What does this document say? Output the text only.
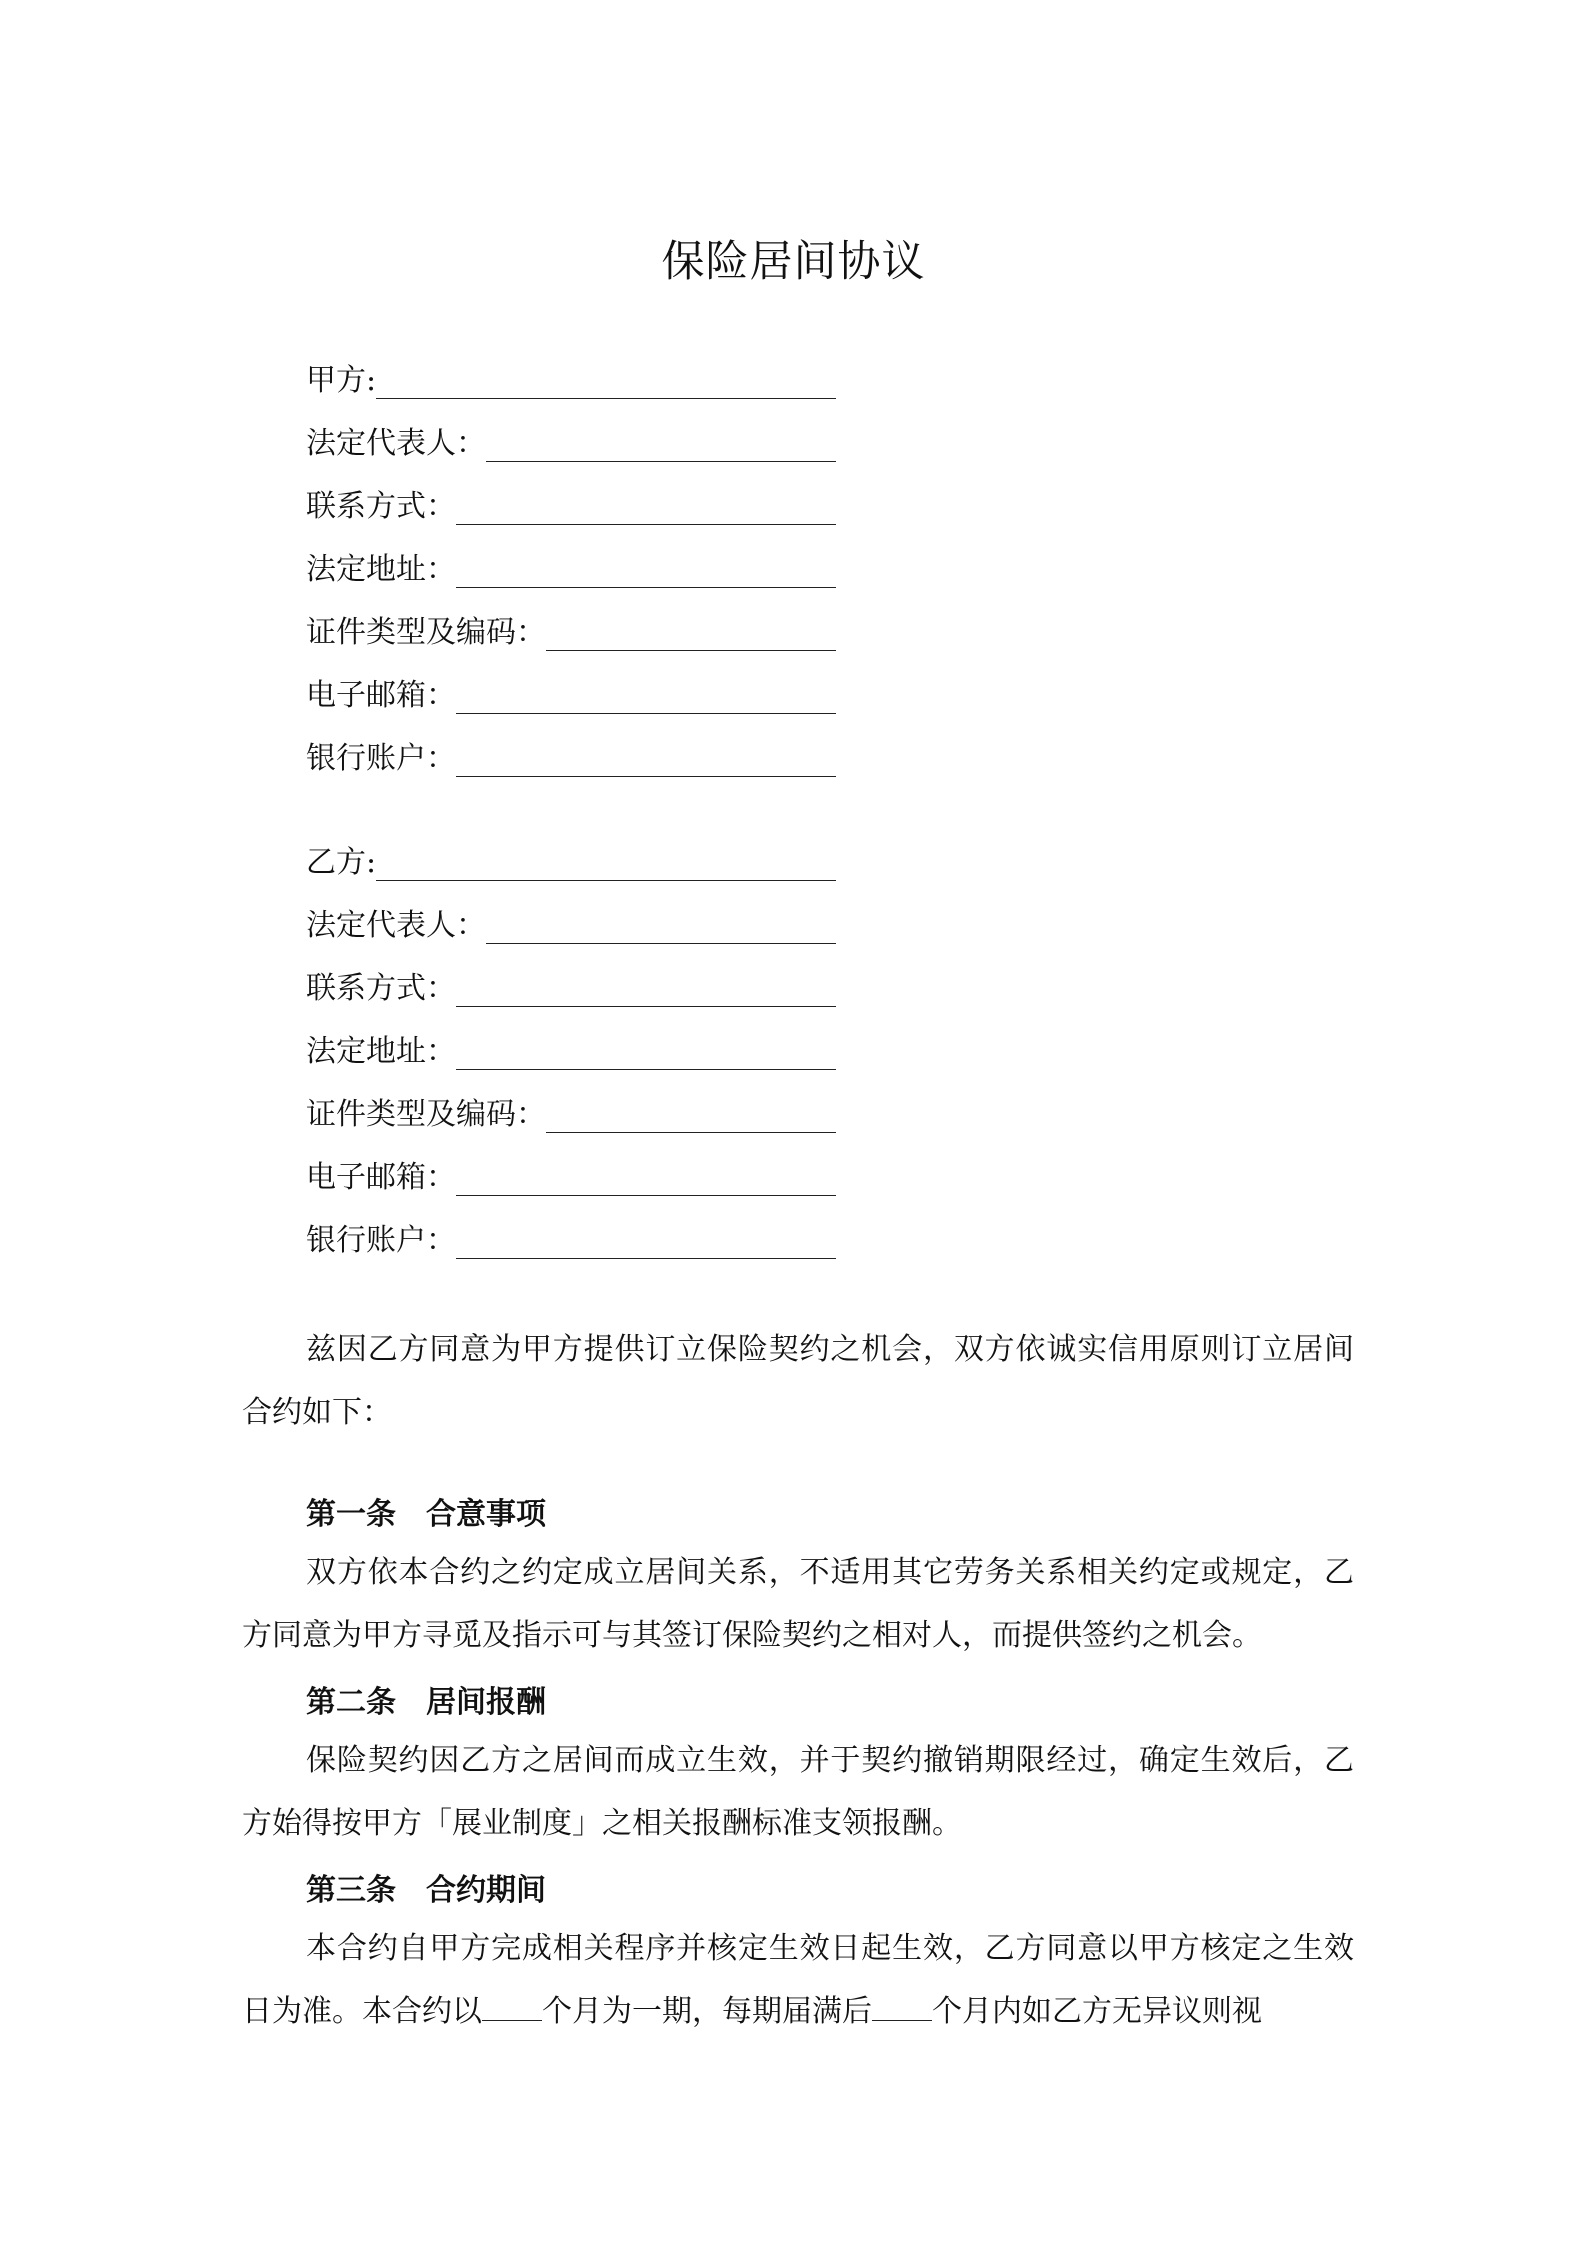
保险居间协议
甲方:
法定代表人：
联系方式：
法定地址：
证件类型及编码：
电子邮箱：
银行账户：
乙方:
法定代表人：
联系方式：
法定地址：
证件类型及编码：
电子邮箱：
银行账户：

兹因乙方同意为甲方提供订立保险契约之机会，双方依诚实信用原则订立居间合约如下：

第一条　合意事项

双方依本合约之约定成立居间关系，不适用其它劳务关系相关约定或规定，乙方同意为甲方寻觅及指示可与其签订保险契约之相对人，而提供签约之机会。

第二条　居间报酬

保险契约因乙方之居间而成立生效，并于契约撤销期限经过，确定生效后，乙方始得按甲方「展业制度」之相关报酬标准支领报酬。

第三条　合约期间

本合约自甲方完成相关程序并核定生效日起生效，乙方同意以甲方核定之生效日为准。本合约以 个月为一期，每期届满后 个月内如乙方无异议则视
